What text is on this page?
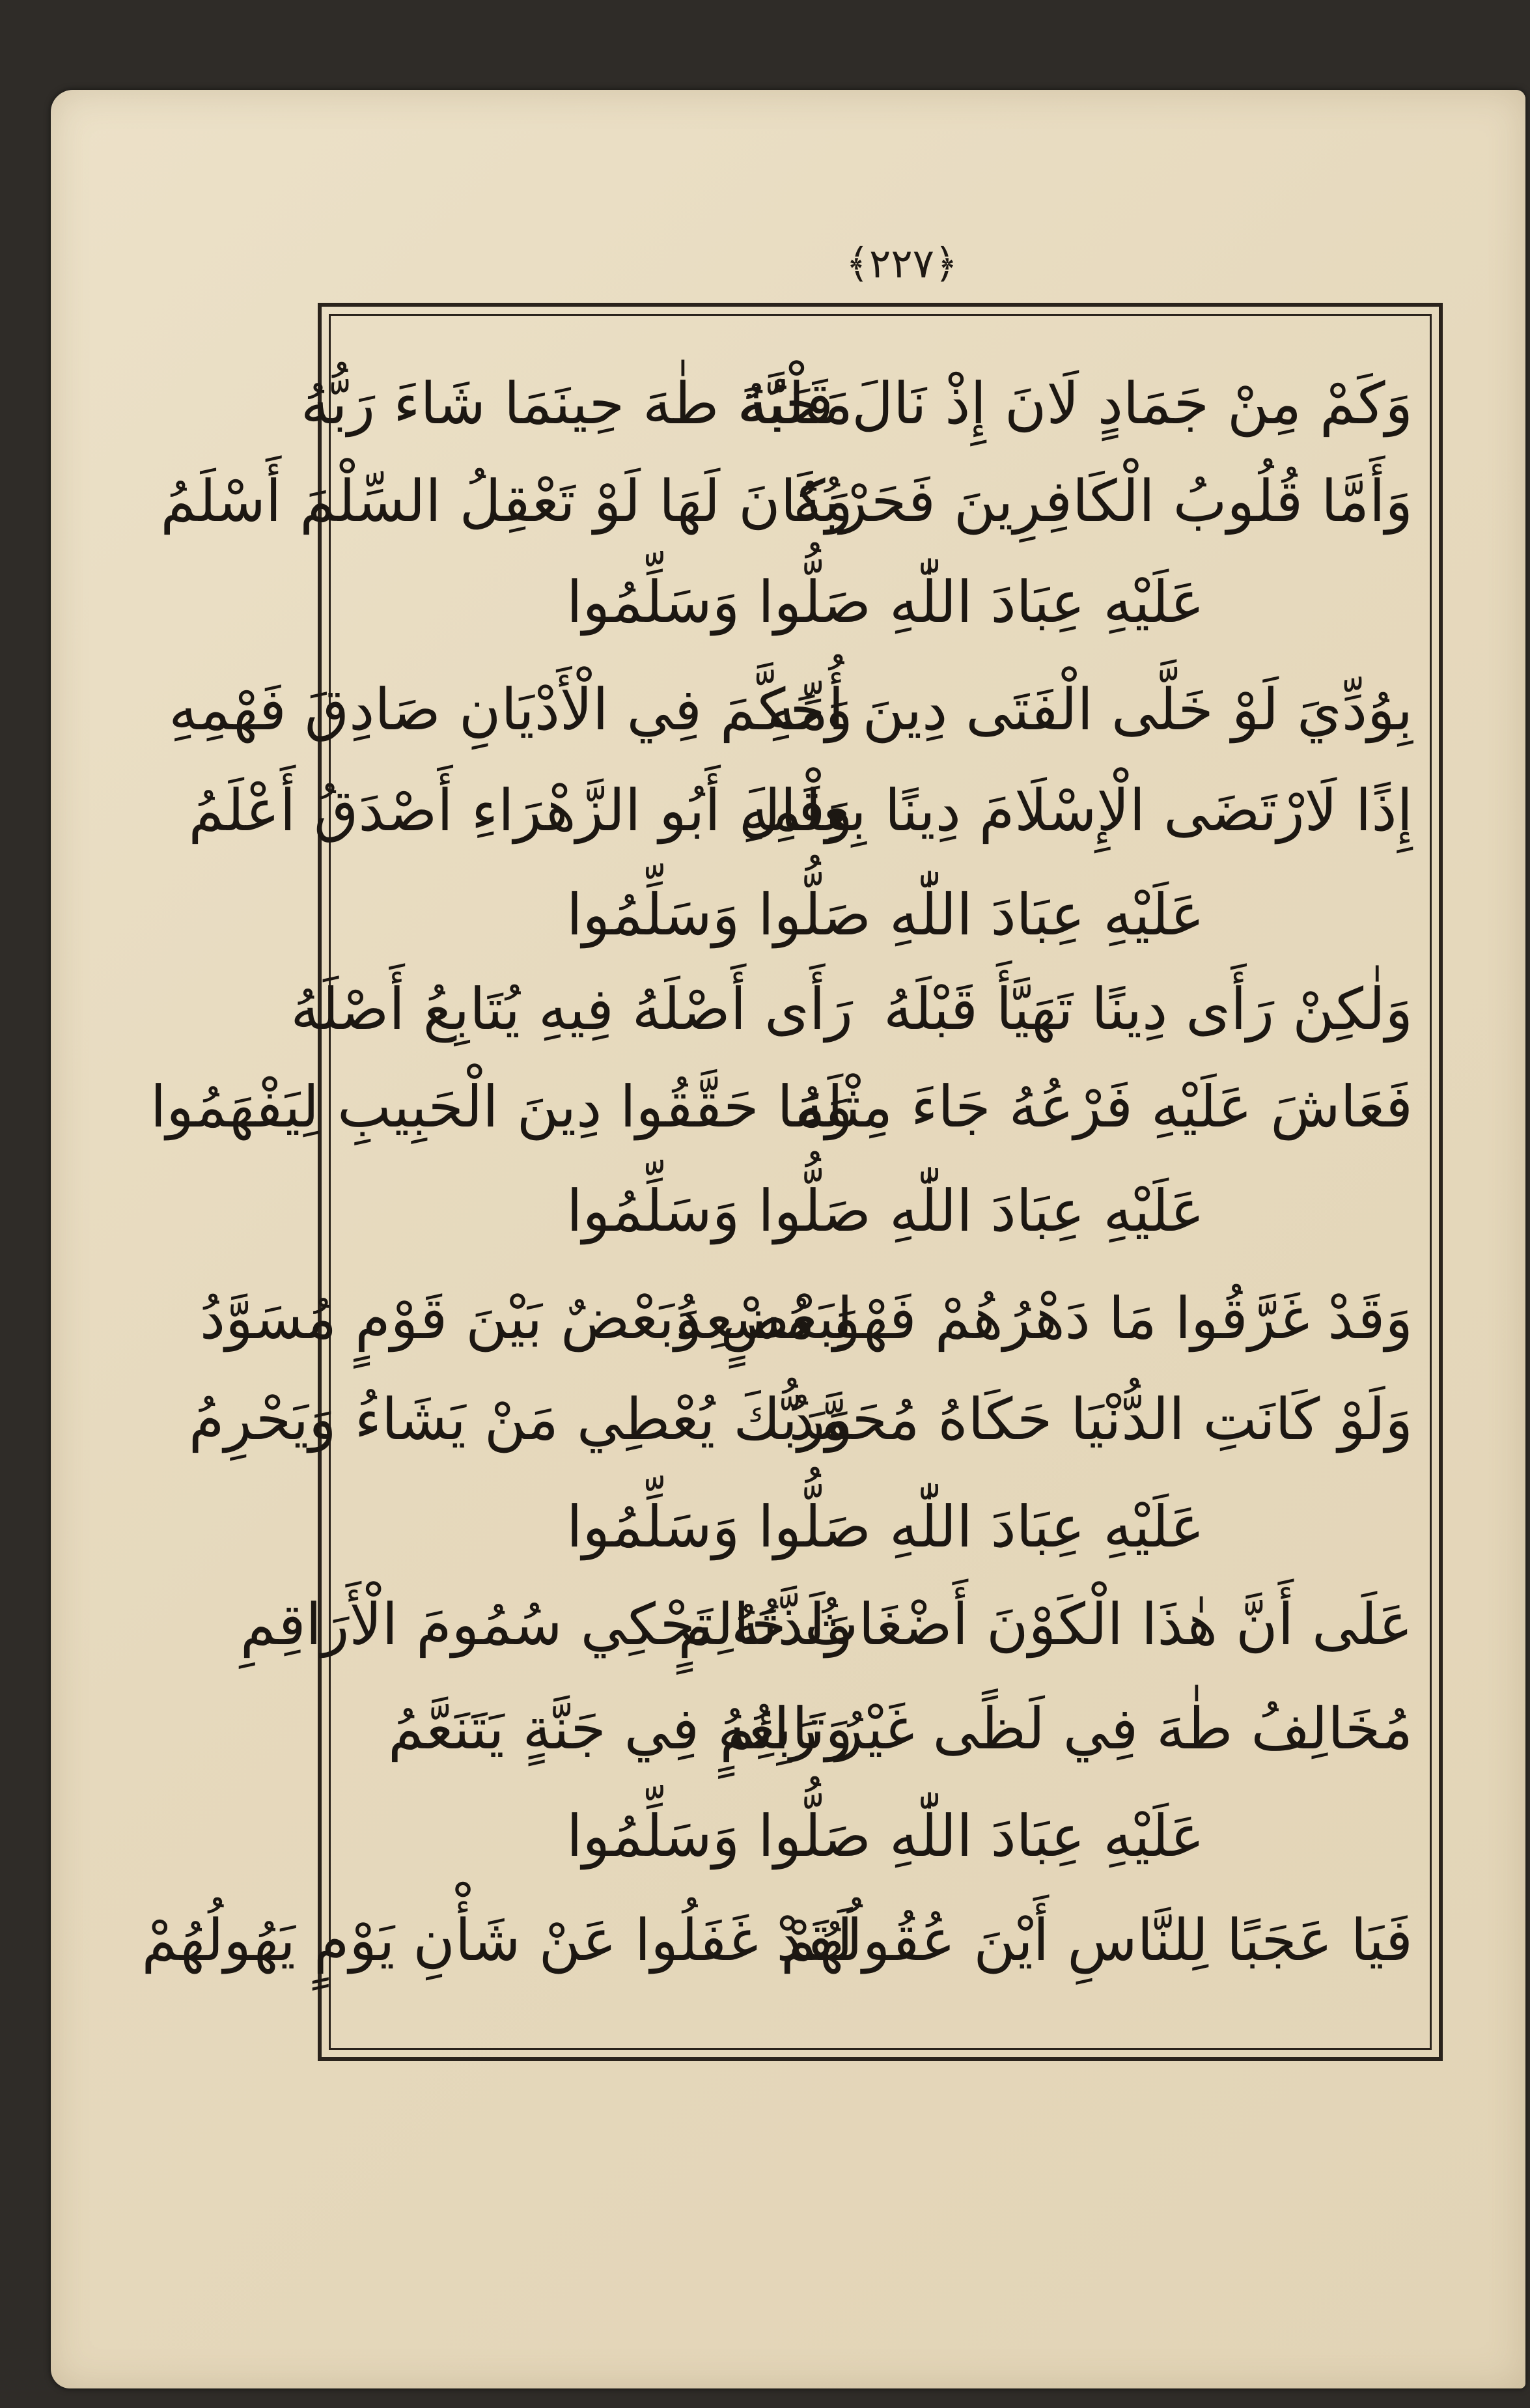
﴿٢٢٧﴾
وَكَمْ مِنْ جَمَادٍ لَانَ إِذْ نَالَ قَلْبُهُ
مَحَبَّةَ طٰهَ حِينَمَا شَاءَ رَبُّهُ
وَأَمَّا قُلُوبُ الْكَافِرِينَ فَحَرْبُهُ
وَكَانَ لَهَا لَوْ تَعْقِلُ السِّلْمَ أَسْلَمُ
عَلَيْهِ عِبَادَ اللّٰهِ صَلُّوا وَسَلِّمُوا
بِوُدِّيَ لَوْ خَلَّى الْفَتَى دِينَ أُمِّهِ
وَحَكَّمَ فِي الْأَدْيَانِ صَادِقَ فَهْمِهِ
إِذًا لَارْتَضَى الْإِسْلَامَ دِينًا بِعِلْمِهِ
وَقَالَ أَبُو الزَّهْرَاءِ أَصْدَقُ أَعْلَمُ
عَلَيْهِ عِبَادَ اللّٰهِ صَلُّوا وَسَلِّمُوا
وَلٰكِنْ رَأَى دِينًا تَهَيَّأَ قَبْلَهُ
رَأَى أَصْلَهُ فِيهِ يُتَابِعُ أَصْلَهُ
فَعَاشَ عَلَيْهِ فَرْعُهُ جَاءَ مِثْلَهُ
وَمَا حَقَّقُوا دِينَ الْحَبِيبِ لِيَفْهَمُوا
عَلَيْهِ عِبَادَ اللّٰهِ صَلُّوا وَسَلِّمُوا
وَقَدْ غَرَّقُوا مَا دَهْرُهُمْ فَهْوَ مُسْعِدُ
لِبَعْضٍ وَبَعْضٌ بَيْنَ قَوْمٍ مُسَوَّدُ
وَلَوْ كَانَتِ الدُّنْيَا حَكَاهُ مُحَمَّدُ
وَرَبُّكَ يُعْطِي مَنْ يَشَاءُ وَيَحْرِمُ
عَلَيْهِ عِبَادَ اللّٰهِ صَلُّوا وَسَلِّمُوا
عَلَى أَنَّ هٰذَا الْكَوْنَ أَضْغَاثُ حَالِمٍ
وَلَذَّتُهُ تَحْكِي سُمُومَ الْأَرَاقِمِ
مُخَالِفُ طٰهَ فِي لَظًى غَيْرُ رَائِمٍ
وَتَابِعُهُ فِي جَنَّةٍ يَتَنَعَّمُ
عَلَيْهِ عِبَادَ اللّٰهِ صَلُّوا وَسَلِّمُوا
فَيَا عَجَبًا لِلنَّاسِ أَيْنَ عُقُولُهُمْ
لَقَدْ غَفَلُوا عَنْ شَأْنِ يَوْمٍ يَهُولُهُمْ
